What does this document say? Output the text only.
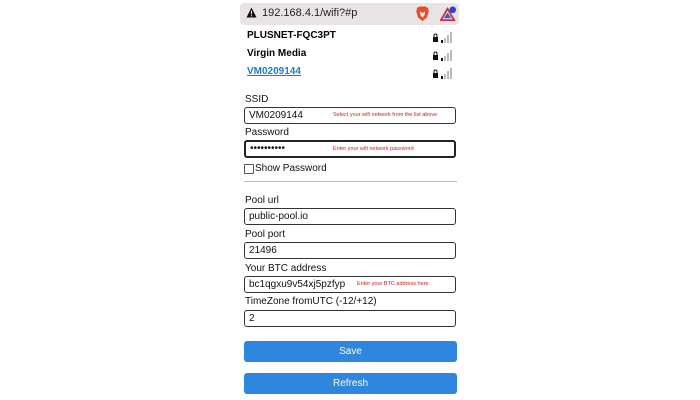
192.168.4.1/wifi?#p
PLUSNET-FQC3PT
Virgin Media
VM0209144
SSID
VM0209144	Select your wifi network from the list above
Password
••••••••••	Enter your wifi network password
Show Password
Pool url
public-pool.io
Pool port
21496
Your BTC address
bc1qgxu9v54xj5pzfyp Enter your BTC address here
TimeZone fromUTC (-12/+12)
2
Save
Refresh
